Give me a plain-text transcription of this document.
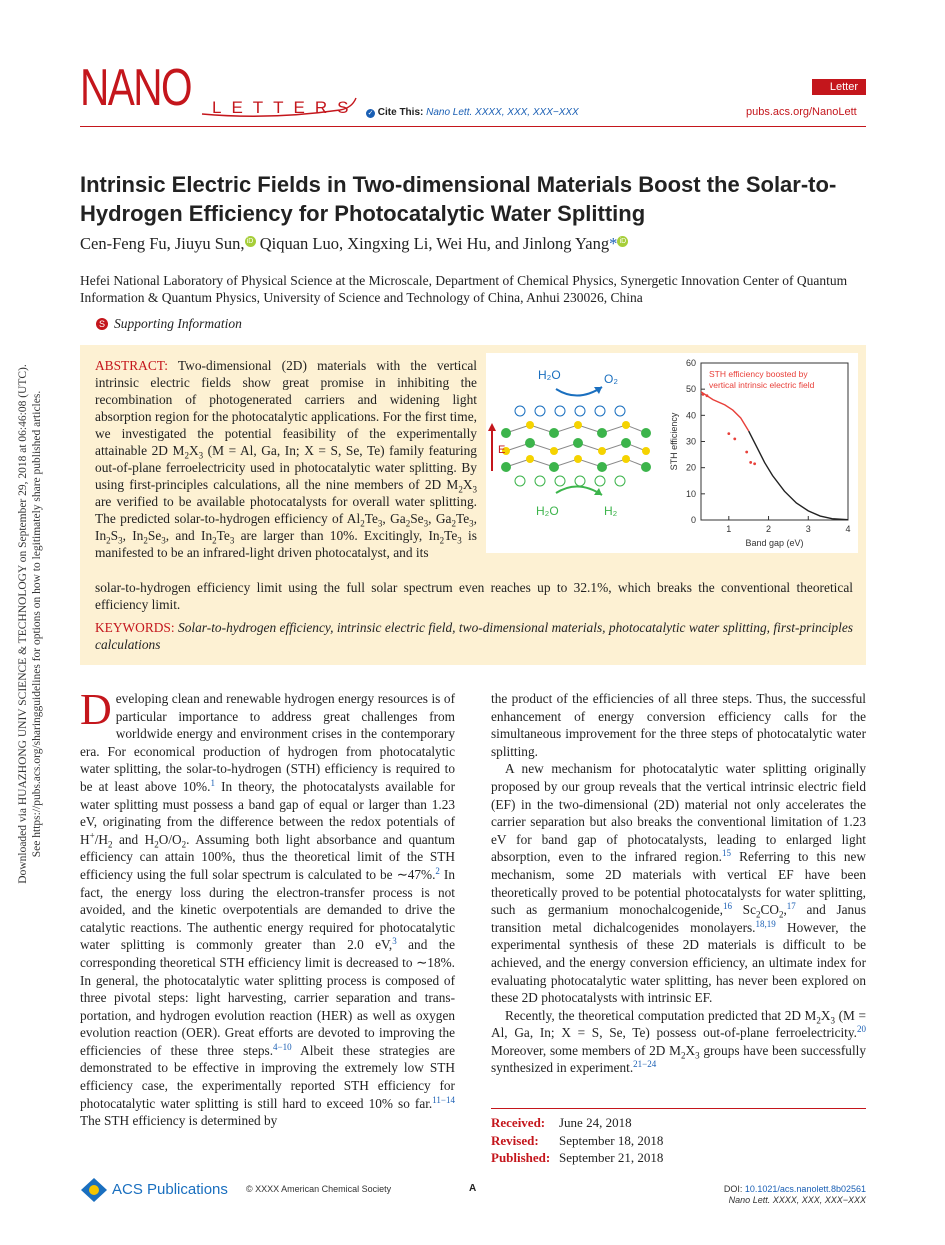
Downloaded via HUAZHONG UNIV SCIENCE & TECHNOLOGY on September 29, 2018 at 06:46:08 (UTC). See https://pubs.acs.org/sharingguidelines for options on how to legitimately share published articles.
NANO LETTERS ✓ Cite This: Nano Lett. XXXX, XXX, XXX−XXX
Letter
pubs.acs.org/NanoLett
Intrinsic Electric Fields in Two-dimensional Materials Boost the Solar-to-Hydrogen Efficiency for Photocatalytic Water Splitting
Cen-Feng Fu, Jiuyu Sun, iD Qiquan Luo, Xingxing Li, Wei Hu, and Jinlong Yang* iD
Hefei National Laboratory of Physical Science at the Microscale, Department of Chemical Physics, Synergetic Innovation Center of Quantum Information & Quantum Physics, University of Science and Technology of China, Anhui 230026, China
S Supporting Information
ABSTRACT: Two-dimensional (2D) materials with the vertical intrinsic electric fields show great promise in inhibiting the recombination of photogenerated carriers and widening light absorption region for the photocatalytic applications. For the first time, we investigated the potential feasibility of the experimentally attainable 2D $M_2X_3$ (M = Al, Ga, In; X = S, Se, Te) family featuring out-of-plane ferroelectricity used in photocatalytic water splitting. By using first-principles calculations, all the nine members of 2D $M_2X_3$ are verified to be available photocatalysts for overall water splitting. The predicted solar-to-hydrogen efficiency of $Al_2Te_3$, $Ga_2Se_3$, $Ga_2Te_3$, $In_2S_3$, $In_2Se_3$, and $In_2Te_3$ are larger than 10%. Excitingly, $In_2Te_3$ is manifested to be an infrared-light driven photocatalyst, and its
solar-to-hydrogen efficiency limit using the full solar spectrum even reaches up to 32.1%, which breaks the conventional theoretical efficiency limit.
KEYWORDS: Solar-to-hydrogen efficiency, intrinsic electric field, two-dimensional materials, photocatalytic water splitting, first-principles calculations
H₂O	O₂
E
H₂O	H₂
0
10
20
30
40
50
60
1	2	3	4
Band gap (eV)
STH efficiency
STH efficiency boosted by
vertical intrinsic electric field

Developing clean and renewable hydrogen energy resources is of particular importance to address great challenges from worldwide energy and environment crises in the contemporary era. For economical production of hydrogen from photocatalytic water splitting, the solar-to-hydrogen (STH) efficiency is required to be at least above 10%.$^1$ In theory, the photocatalysts available for water splitting must possess a band gap of equal or larger than 1.23 eV, originating from the difference between the redox potentials of $H^+/H_2$ and $H_2O/O_2$. Assuming both light absorbance and quantum efficiency can attain 100%, thus the theoretical limit of the STH efficiency using the full solar spectrum is calculated to be ∼47%.$^2$ In fact, the energy loss during the electron-transfer process is not avoided, and the kinetic overpotentials are demanded to drive the catalytic reactions. The authentic energy required for photocatalytic water splitting is commonly greater than 2.0 eV,$^3$ and the corresponding theoretical STH efficiency limit is decreased to ∼18%. In general, the photocatalytic water splitting process is composed of three pivotal steps: light harvesting, carrier separation and transportation, and hydrogen evolution reaction (HER) as well as oxygen evolution reaction (OER). Great efforts are devoted to improving the efficiencies of these three steps.$^{4-10}$ Albeit these strategies are demonstrated to be effective in improving the extremely low STH efficiency case, the experimentally reported STH efficiency for photocatalytic water splitting is still hard to exceed 10% so far.$^{11-14}$ The STH efficiency is determined by

the product of the efficiencies of all three steps. Thus, the successful enhancement of energy conversion efficiency calls for the simultaneous improvement for the three steps of photocatalytic water splitting.

A new mechanism for photocatalytic water splitting originally proposed by our group reveals that the vertical intrinsic electric field (EF) in the two-dimensional (2D) material not only accelerates the carrier separation but also breaks the conventional limitation of 1.23 eV for band gap of photocatalysts, leading to enlarged light absorption, even to the infrared region.$^{15}$ Referring to this new mechanism, some 2D materials with vertical EF have been theoretically proved to be potential photocatalysts for water splitting, such as germanium monochalcogenide,$^{16}$ $Sc_2CO_2,^{17}$ and Janus transition metal dichalcogenides monolayers.$^{18,19}$ However, the experimental synthesis of these 2D materials is difficult to be achieved, and the energy conversion efficiency, an ultimate index for evaluating photocatalytic water splitting, has never been explored on these 2D photocatalysts with intrinsic EF.

Recently, the theoretical computation predicted that 2D $M_2X_3$ (M = Al, Ga, In; X = S, Se, Te) possess out-of-plane ferroelectricity.$^{20}$ Moreover, some members of 2D $M_2X_3$ groups have been successfully synthesized in experiment.$^{21-24}$

Received: June 24, 2018
Revised: September 18, 2018
Published: September 21, 2018
ACS Publications © XXXX American Chemical Society	A	DOI: 10.1021/acs.nanolett.8b02561
Nano Lett. XXXX, XXX, XXX−XXX
